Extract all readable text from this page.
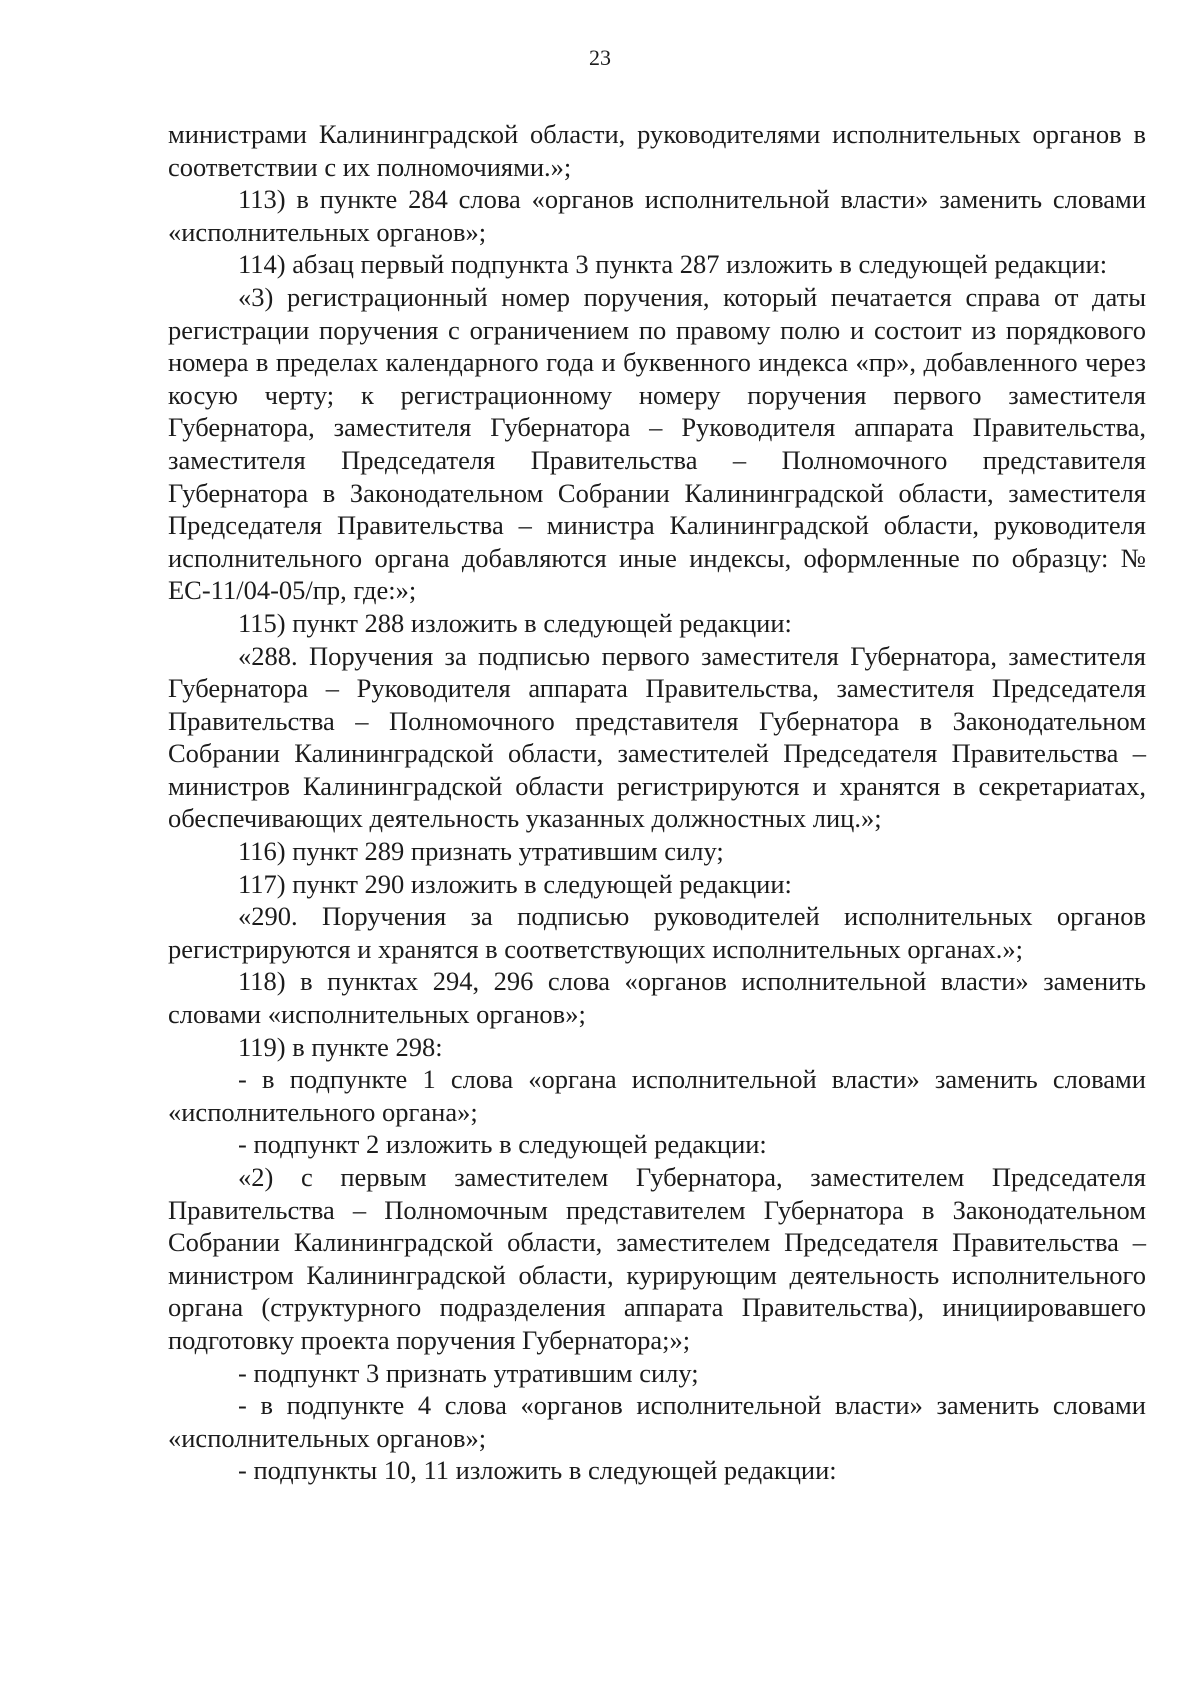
23

министрами Калининградской области, руководителями исполнительных органов в соответствии с их полномочиями.»;

113) в пункте 284 слова «органов исполнительной власти» заменить словами «исполнительных органов»;

114) абзац первый подпункта 3 пункта 287 изложить в следующей редакции:

«3) регистрационный номер поручения, который печатается справа от даты регистрации поручения с ограничением по правому полю и состоит из порядкового номера в пределах календарного года и буквенного индекса «пр», добавленного через косую черту; к регистрационному номеру поручения первого заместителя Губернатора, заместителя Губернатора – Руководителя аппарата Правительства, заместителя Председателя Правительства – Полномочного представителя Губернатора в Законодательном Собрании Калининградской области, заместителя Председателя Правительства – министра Калининградской области, руководителя исполнительного органа добавляются иные индексы, оформленные по образцу: № ЕС-11/04-05/пр, где:»;

115) пункт 288 изложить в следующей редакции:

«288. Поручения за подписью первого заместителя Губернатора, заместителя Губернатора – Руководителя аппарата Правительства, заместителя Председателя Правительства – Полномочного представителя Губернатора в Законодательном Собрании Калининградской области, заместителей Председателя Правительства – министров Калининградской области регистрируются и хранятся в секретариатах, обеспечивающих деятельность указанных должностных лиц.»;

116) пункт 289 признать утратившим силу;

117) пункт 290 изложить в следующей редакции:

«290. Поручения за подписью руководителей исполнительных органов регистрируются и хранятся в соответствующих исполнительных органах.»;

118) в пунктах 294, 296 слова «органов исполнительной власти» заменить словами «исполнительных органов»;

119) в пункте 298:

- в подпункте 1 слова «органа исполнительной власти» заменить словами «исполнительного органа»;

- подпункт 2 изложить в следующей редакции:

«2) с первым заместителем Губернатора, заместителем Председателя Правительства – Полномочным представителем Губернатора в Законодательном Собрании Калининградской области, заместителем Председателя Правительства – министром Калининградской области, курирующим деятельность исполнительного органа (структурного подразделения аппарата Правительства), инициировавшего подготовку проекта поручения Губернатора;»;

- подпункт 3 признать утратившим силу;

- в подпункте 4 слова «органов исполнительной власти» заменить словами «исполнительных органов»;

- подпункты 10, 11 изложить в следующей редакции:
